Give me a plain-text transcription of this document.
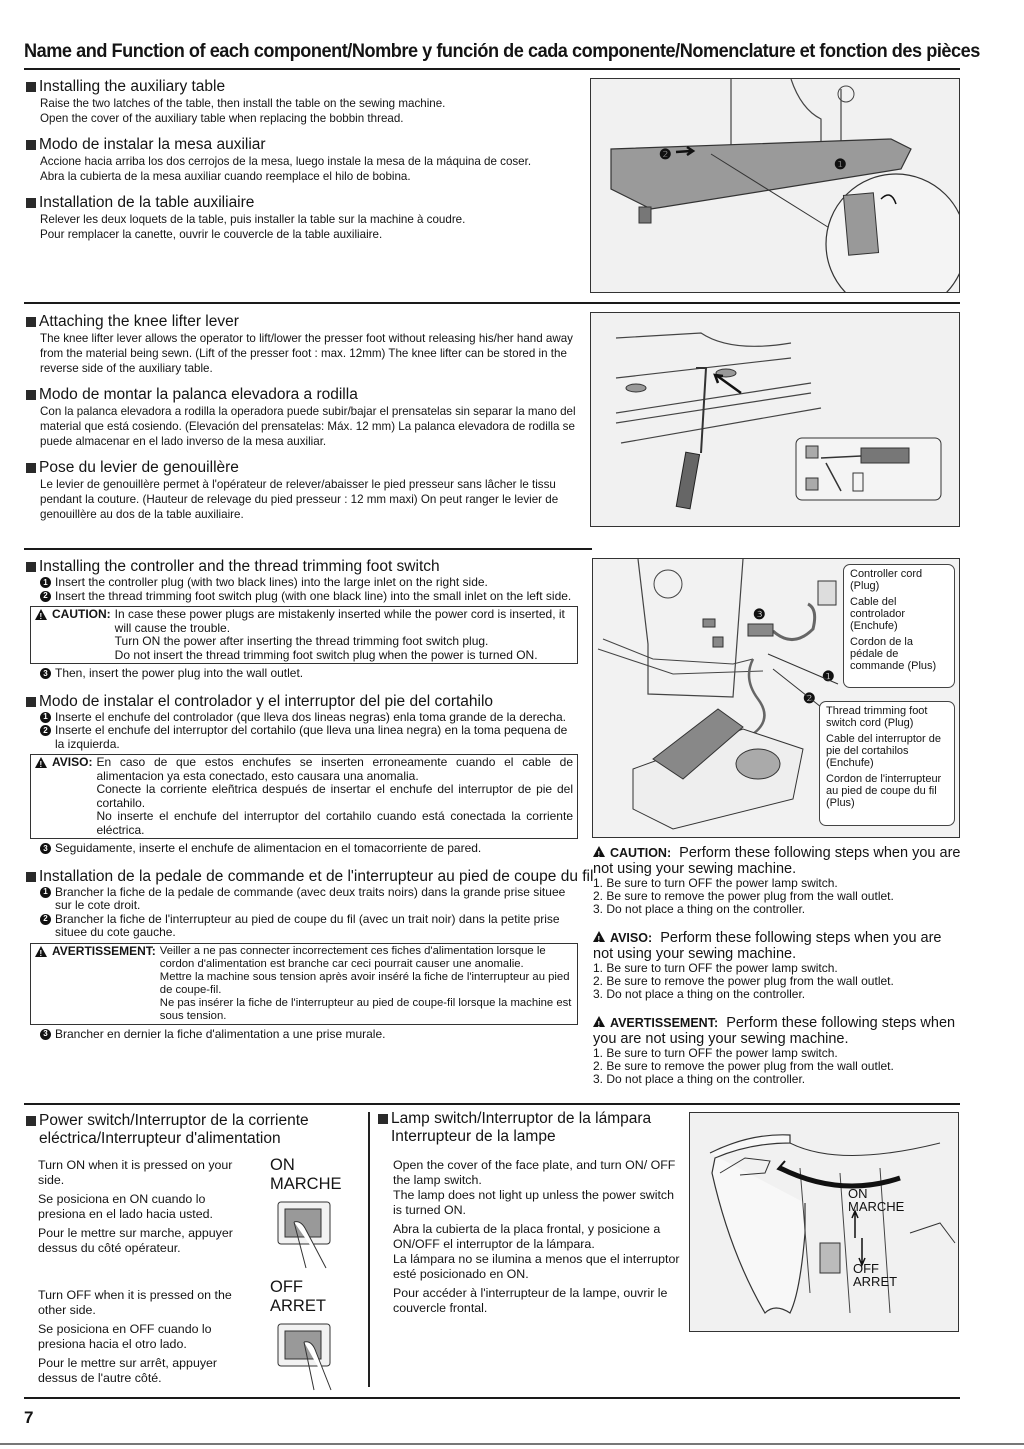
Name and Function of each component/Nombre y función de cada componente/Nomenclature et fonction des pièces
Installing the auxiliary table

Raise the two latches of the table, then install the table on the sewing machine.

Open the cover of the auxiliary table when replacing the bobbin thread.

Modo de instalar la mesa auxiliar

Accione hacia arriba los dos cerrojos de la mesa, luego instale la mesa de la máquina de coser.

Abra la cubierta de la mesa auxiliar cuando reemplace el hilo de bobina.

Installation de la table auxiliaire

Relever les deux loquets de la table, puis installer la table sur la machine à coudre.

Pour remplacer la canette, ouvrir le couvercle de la table auxiliaire.

❷
❶
Attaching the knee lifter lever

The knee lifter lever allows the operator to lift/lower the presser foot without releasing his/her hand away from the material being sewn. (Lift of the presser foot : max. 12mm) The knee lifter can be stored in the reverse side of the auxiliary table.

Modo de montar la palanca elevadora a rodilla

Con la palanca elevadora a rodilla la operadora puede subir/bajar el prensatelas sin separar la mano del material que está cosiendo. (Elevación del prensatelas: Máx. 12 mm) La palanca elevadora de rodilla se puede almacenar en el lado inverso de la mesa auxiliar.

Pose du levier de genouillère

Le levier de genouillère permet à l'opérateur de relever/abaisser le pied presseur sans lâcher le tissu pendant la couture. (Hauteur de relevage du pied presseur : 12 mm maxi) On peut ranger le levier de genouillère au dos de la table auxiliaire.

Installing the controller and the thread trimming foot switch
1 Insert the controller plug (with two black lines) into the large inlet on the right side.
2 Insert the thread trimming foot switch plug (with one black line) into the small inlet on the left side.
!
CAUTION: In case these power plugs are mistakenly inserted while the power cord is inserted, it will cause the trouble.

Turn ON the power after inserting the thread trimming foot switch plug.

Do not insert the thread trimming foot switch plug when the power is turned ON.

3 Then, insert the power plug into the wall outlet.
Modo de instalar el controlador y el interruptor del pie del cortahilo
1 Inserte el enchufe del controlador (que lleva dos lineas negras) enla toma grande de la derecha.
2 Inserte el enchufe del interruptor del cortahilo (que lleva una linea negra) en la toma pequena de la izquierda.
!
AVISO: En caso de que estos enchufes se inserten erroneamente cuando el cable de alimentacion ya esta conectado, esto causara una anomalia.

Conecte la corriente eleñtrica después de insertar el enchufe del interruptor de pie del cortahilo.

No inserte el enchufe del interruptor del cortahilo cuando está conectada la corriente eléctrica.

3 Seguidamente, inserte el enchufe de alimentacion en el tomacorriente de pared.
Installation de la pedale de commande et de l'interrupteur au pied de coupe du fil
1 Brancher la fiche de la pedale de commande (avec deux traits noirs) dans la grande prise situee sur le cote droit.
2 Brancher la fiche de l'interrupteur au pied de coupe du fil (avec un trait noir) dans la petite prise situee du cote gauche.
!
AVERTISSEMENT: Veiller a ne pas connecter incorrectement ces fiches d'alimentation lorsque le cordon d'alimentation est branche car ceci pourrait causer une anomalie.

Mettre la machine sous tension après avoir inséré la fiche de l'interrupteur au pied de coupe-fil.

Ne pas insérer la fiche de l'interrupteur au pied de coupe-fil lorsque la machine est sous tension.

3 Brancher en dernier la fiche d'alimentation a une prise murale.
❸
❶
❷

Controller cord (Plug)

Cable del controlador (Enchufe)

Cordon de la pédale de commande (Plus)

Thread trimming foot switch cord (Plug)

Cable del interruptor de pie del cortahilos (Enchufe)

Cordon de l'interrupteur au pied de coupe du fil (Plus)

!CAUTION: Perform these following steps when you are not using your sewing machine.
1. Be sure to turn OFF the power lamp switch.
2. Be sure to remove the power plug from the wall outlet.
3. Do not place a thing on the controller.
!AVISO: Perform these following steps when you are not using your sewing machine.
1. Be sure to turn OFF the power lamp switch.
2. Be sure to remove the power plug from the wall outlet.
3. Do not place a thing on the controller.
!AVERTISSEMENT: Perform these following steps when you are not using your sewing machine.
1. Be sure to turn OFF the power lamp switch.
2. Be sure to remove the power plug from the wall outlet.
3. Do not place a thing on the controller.
Power switch/Interruptor de la corriente
eléctrica/Interrupteur d'alimentation

Turn ON when it is pressed on your side.

Se posiciona en ON cuando lo presiona en el lado hacia usted.

Pour le mettre sur marche, appuyer dessus du côté opérateur.

ON
MARCHE

Turn OFF when it is pressed on the other side.

Se posiciona en OFF cuando lo presiona hacia el otro lado.

Pour le mettre sur arrêt, appuyer dessus de l'autre côté.

OFF
ARRET
Lamp switch/Interruptor de la lámpara
Interrupteur de la lampe

Open the cover of the face plate, and turn ON/ OFF the lamp switch.

The lamp does not light up unless the power switch is turned ON.

Abra la cubierta de la placa frontal, y posicione a ON/OFF el interruptor de la lámpara.

La lámpara no se ilumina a menos que el interruptor esté posicionado en ON.

Pour accéder à l'interrupteur de la lampe, ouvrir le couvercle frontal.

ON
MARCHE
OFF
ARRET
7
